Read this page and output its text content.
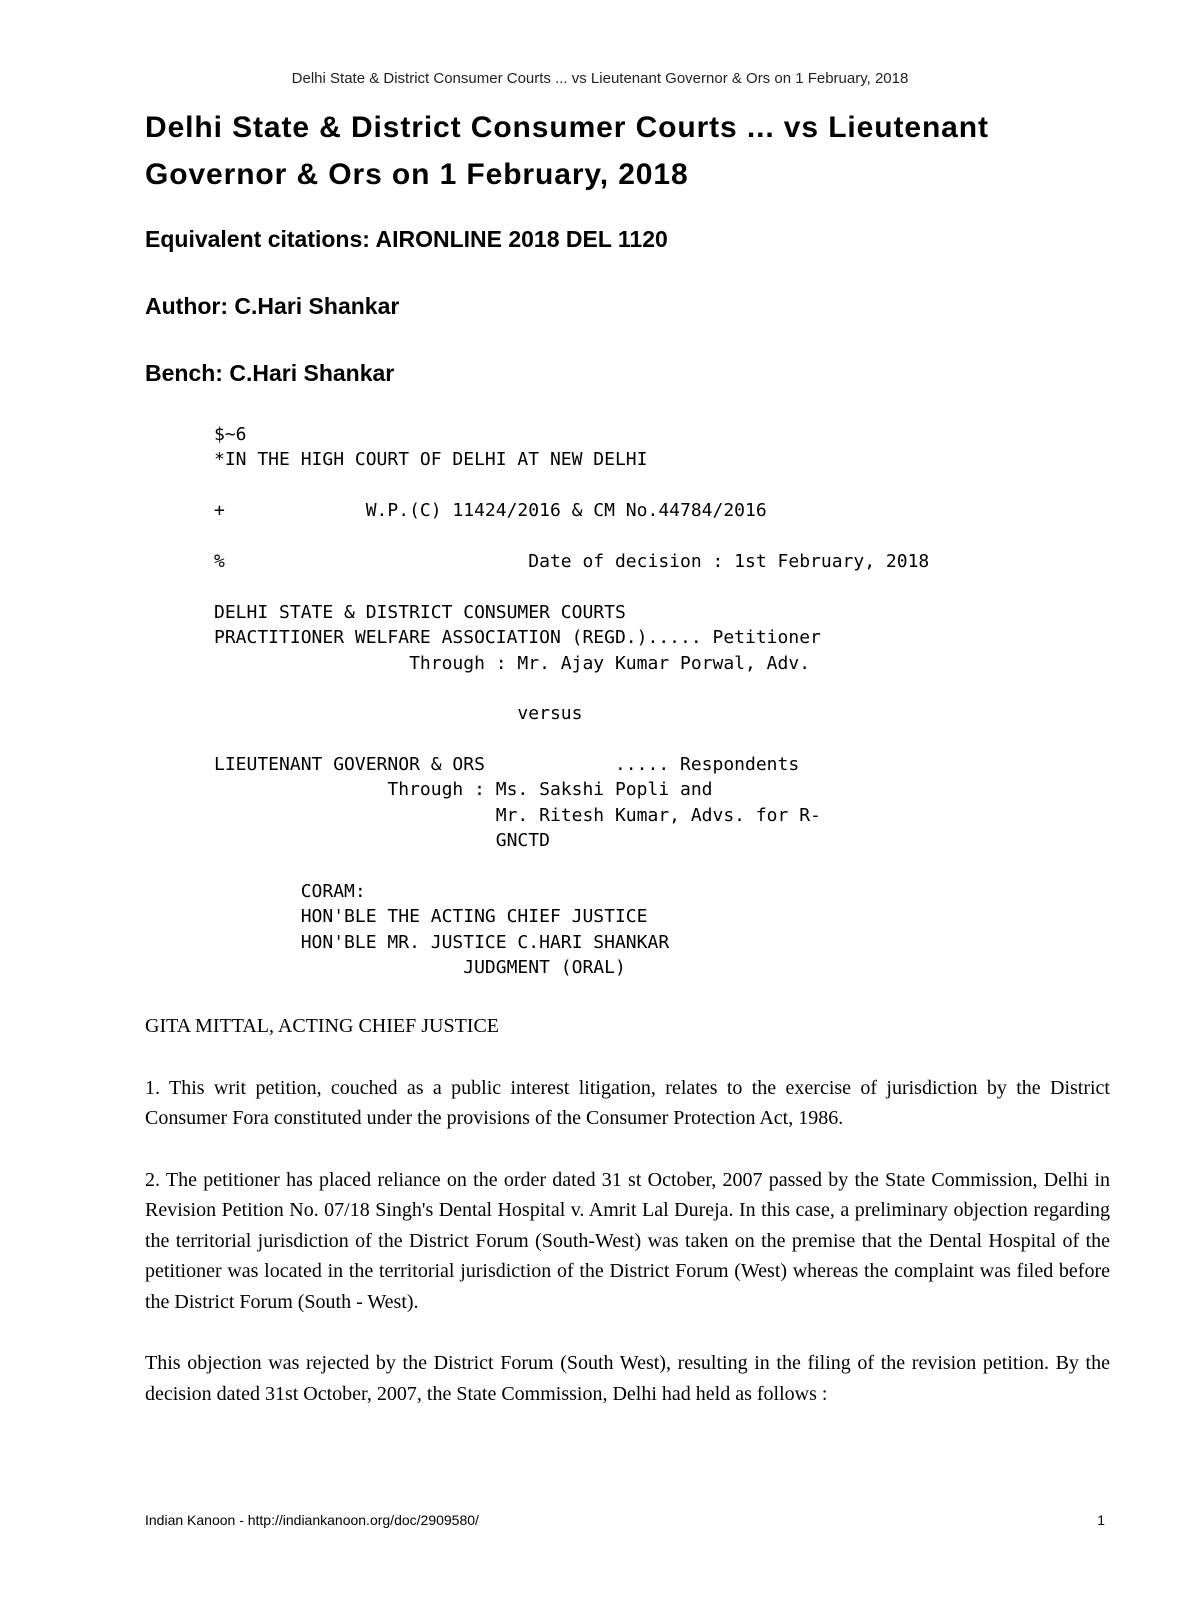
Delhi State & District Consumer Courts ... vs Lieutenant Governor & Ors on 1 February, 2018
Delhi State & District Consumer Courts ... vs Lieutenant Governor & Ors on 1 February, 2018
Equivalent citations: AIRONLINE 2018 DEL 1120
Author: C.Hari Shankar
Bench: C.Hari Shankar
$~6
*IN THE HIGH COURT OF DELHI AT NEW DELHI
+             W.P.(C) 11424/2016 & CM No.44784/2016
%                            Date of decision : 1st February, 2018
DELHI STATE & DISTRICT CONSUMER COURTS
PRACTITIONER WELFARE ASSOCIATION (REGD.)..... Petitioner
Through : Mr. Ajay Kumar Porwal, Adv.
versus
LIEUTENANT GOVERNOR & ORS            ..... Respondents
Through : Ms. Sakshi Popli and
Mr. Ritesh Kumar, Advs. for R-
GNCTD
CORAM:
HON'BLE THE ACTING CHIEF JUSTICE
HON'BLE MR. JUSTICE C.HARI SHANKAR
JUDGMENT (ORAL)

GITA MITTAL, ACTING CHIEF JUSTICE

1. This writ petition, couched as a public interest litigation, relates to the exercise of jurisdiction by the District Consumer Fora constituted under the provisions of the Consumer Protection Act, 1986.

2. The petitioner has placed reliance on the order dated 31 st October, 2007 passed by the State Commission, Delhi in Revision Petition No. 07/18 Singh's Dental Hospital v. Amrit Lal Dureja. In this case, a preliminary objection regarding the territorial jurisdiction of the District Forum (South-West) was taken on the premise that the Dental Hospital of the petitioner was located in the territorial jurisdiction of the District Forum (West) whereas the complaint was filed before the District Forum (South - West).

This objection was rejected by the District Forum (South West), resulting in the filing of the revision petition. By the decision dated 31st October, 2007, the State Commission, Delhi had held as follows :

Indian Kanoon - http://indiankanoon.org/doc/2909580/	1
